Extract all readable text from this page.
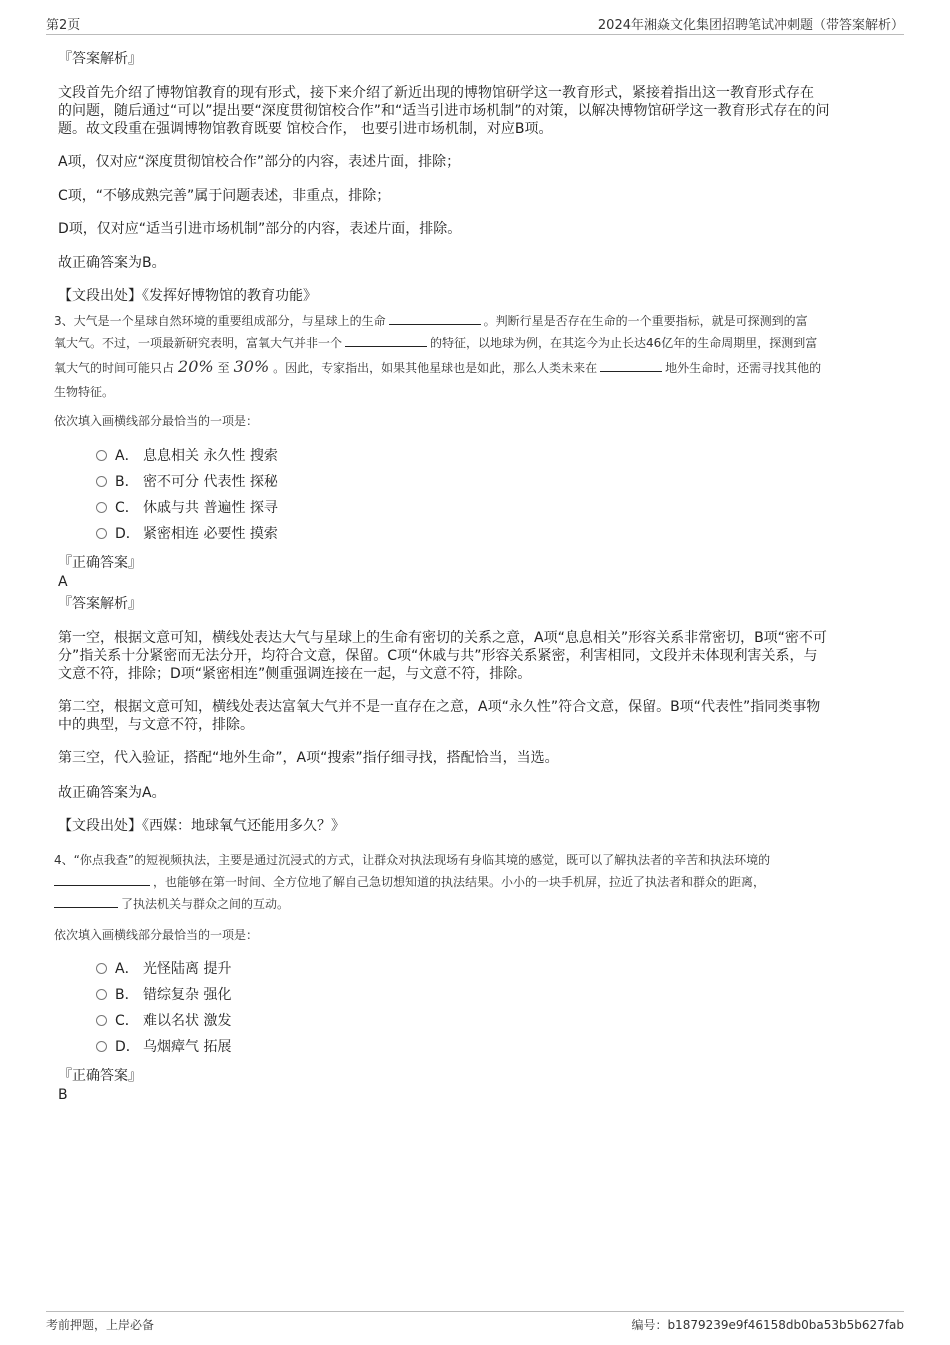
第2页	2024年湘焱文化集团招聘笔试冲刺题（带答案解析）
『答案解析』
文段首先介绍了博物馆教育的现有形式，接下来介绍了新近出现的博物馆研学这一教育形式，紧接着指出这一教育形式存在
的问题，随后通过“可以”提出要“深度贯彻馆校合作”和“适当引进市场机制”的对策，以解决博物馆研学这一教育形式存在的问
题。故文段重在强调博物馆教育既要 馆校合作， 也要引进市场机制，对应B项。
A项，仅对应“深度贯彻馆校合作”部分的内容，表述片面，排除；
C项，“不够成熟完善”属于问题表述，非重点，排除；
D项，仅对应“适当引进市场机制”部分的内容，表述片面，排除。
故正确答案为B。
【文段出处】《发挥好博物馆的教育功能》
3、大气是一个星球自然环境的重要组成部分，与星球上的生命	。判断行星是否存在生命的一个重要指标，就是可探测到的富
氧大气。不过，一项最新研究表明，富氧大气并非一个	的特征，以地球为例，在其迄今为止长达46亿年的生命周期里，探测到富
氧大气的时间可能只占 20% 至 30% 。因此，专家指出，如果其他星球也是如此，那么人类未来在	地外生命时，还需寻找其他的
生物特征。
依次填入画横线部分最恰当的一项是：
A． 息息相关 永久性 搜索
B． 密不可分 代表性 探秘
C． 休戚与共 普遍性 探寻
D． 紧密相连 必要性 摸索
『正确答案』
A
『答案解析』
第一空，根据文意可知，横线处表达大气与星球上的生命有密切的关系之意，A项“息息相关”形容关系非常密切，B项“密不可
分”指关系十分紧密而无法分开，均符合文意，保留。C项“休戚与共”形容关系紧密，利害相同，文段并未体现利害关系，与
文意不符，排除；D项“紧密相连”侧重强调连接在一起，与文意不符，排除。
第二空，根据文意可知，横线处表达富氧大气并不是一直存在之意，A项“永久性”符合文意，保留。B项“代表性”指同类事物
中的典型，与文意不符，排除。
第三空，代入验证，搭配“地外生命”，A项“搜索”指仔细寻找，搭配恰当，当选。
故正确答案为A。
【文段出处】《西媒：地球氧气还能用多久？》
4、“你点我查”的短视频执法，主要是通过沉浸式的方式，让群众对执法现场有身临其境的感觉，既可以了解执法者的辛苦和执法环境的
，也能够在第一时间、全方位地了解自己急切想知道的执法结果。小小的一块手机屏，拉近了执法者和群众的距离，
了执法机关与群众之间的互动。
依次填入画横线部分最恰当的一项是：
A． 光怪陆离 提升
B． 错综复杂 强化
C． 难以名状 激发
D． 乌烟瘴气 拓展
『正确答案』
B
考前押题，上岸必备	编号：b1879239e9f46158db0ba53b5b627fab
